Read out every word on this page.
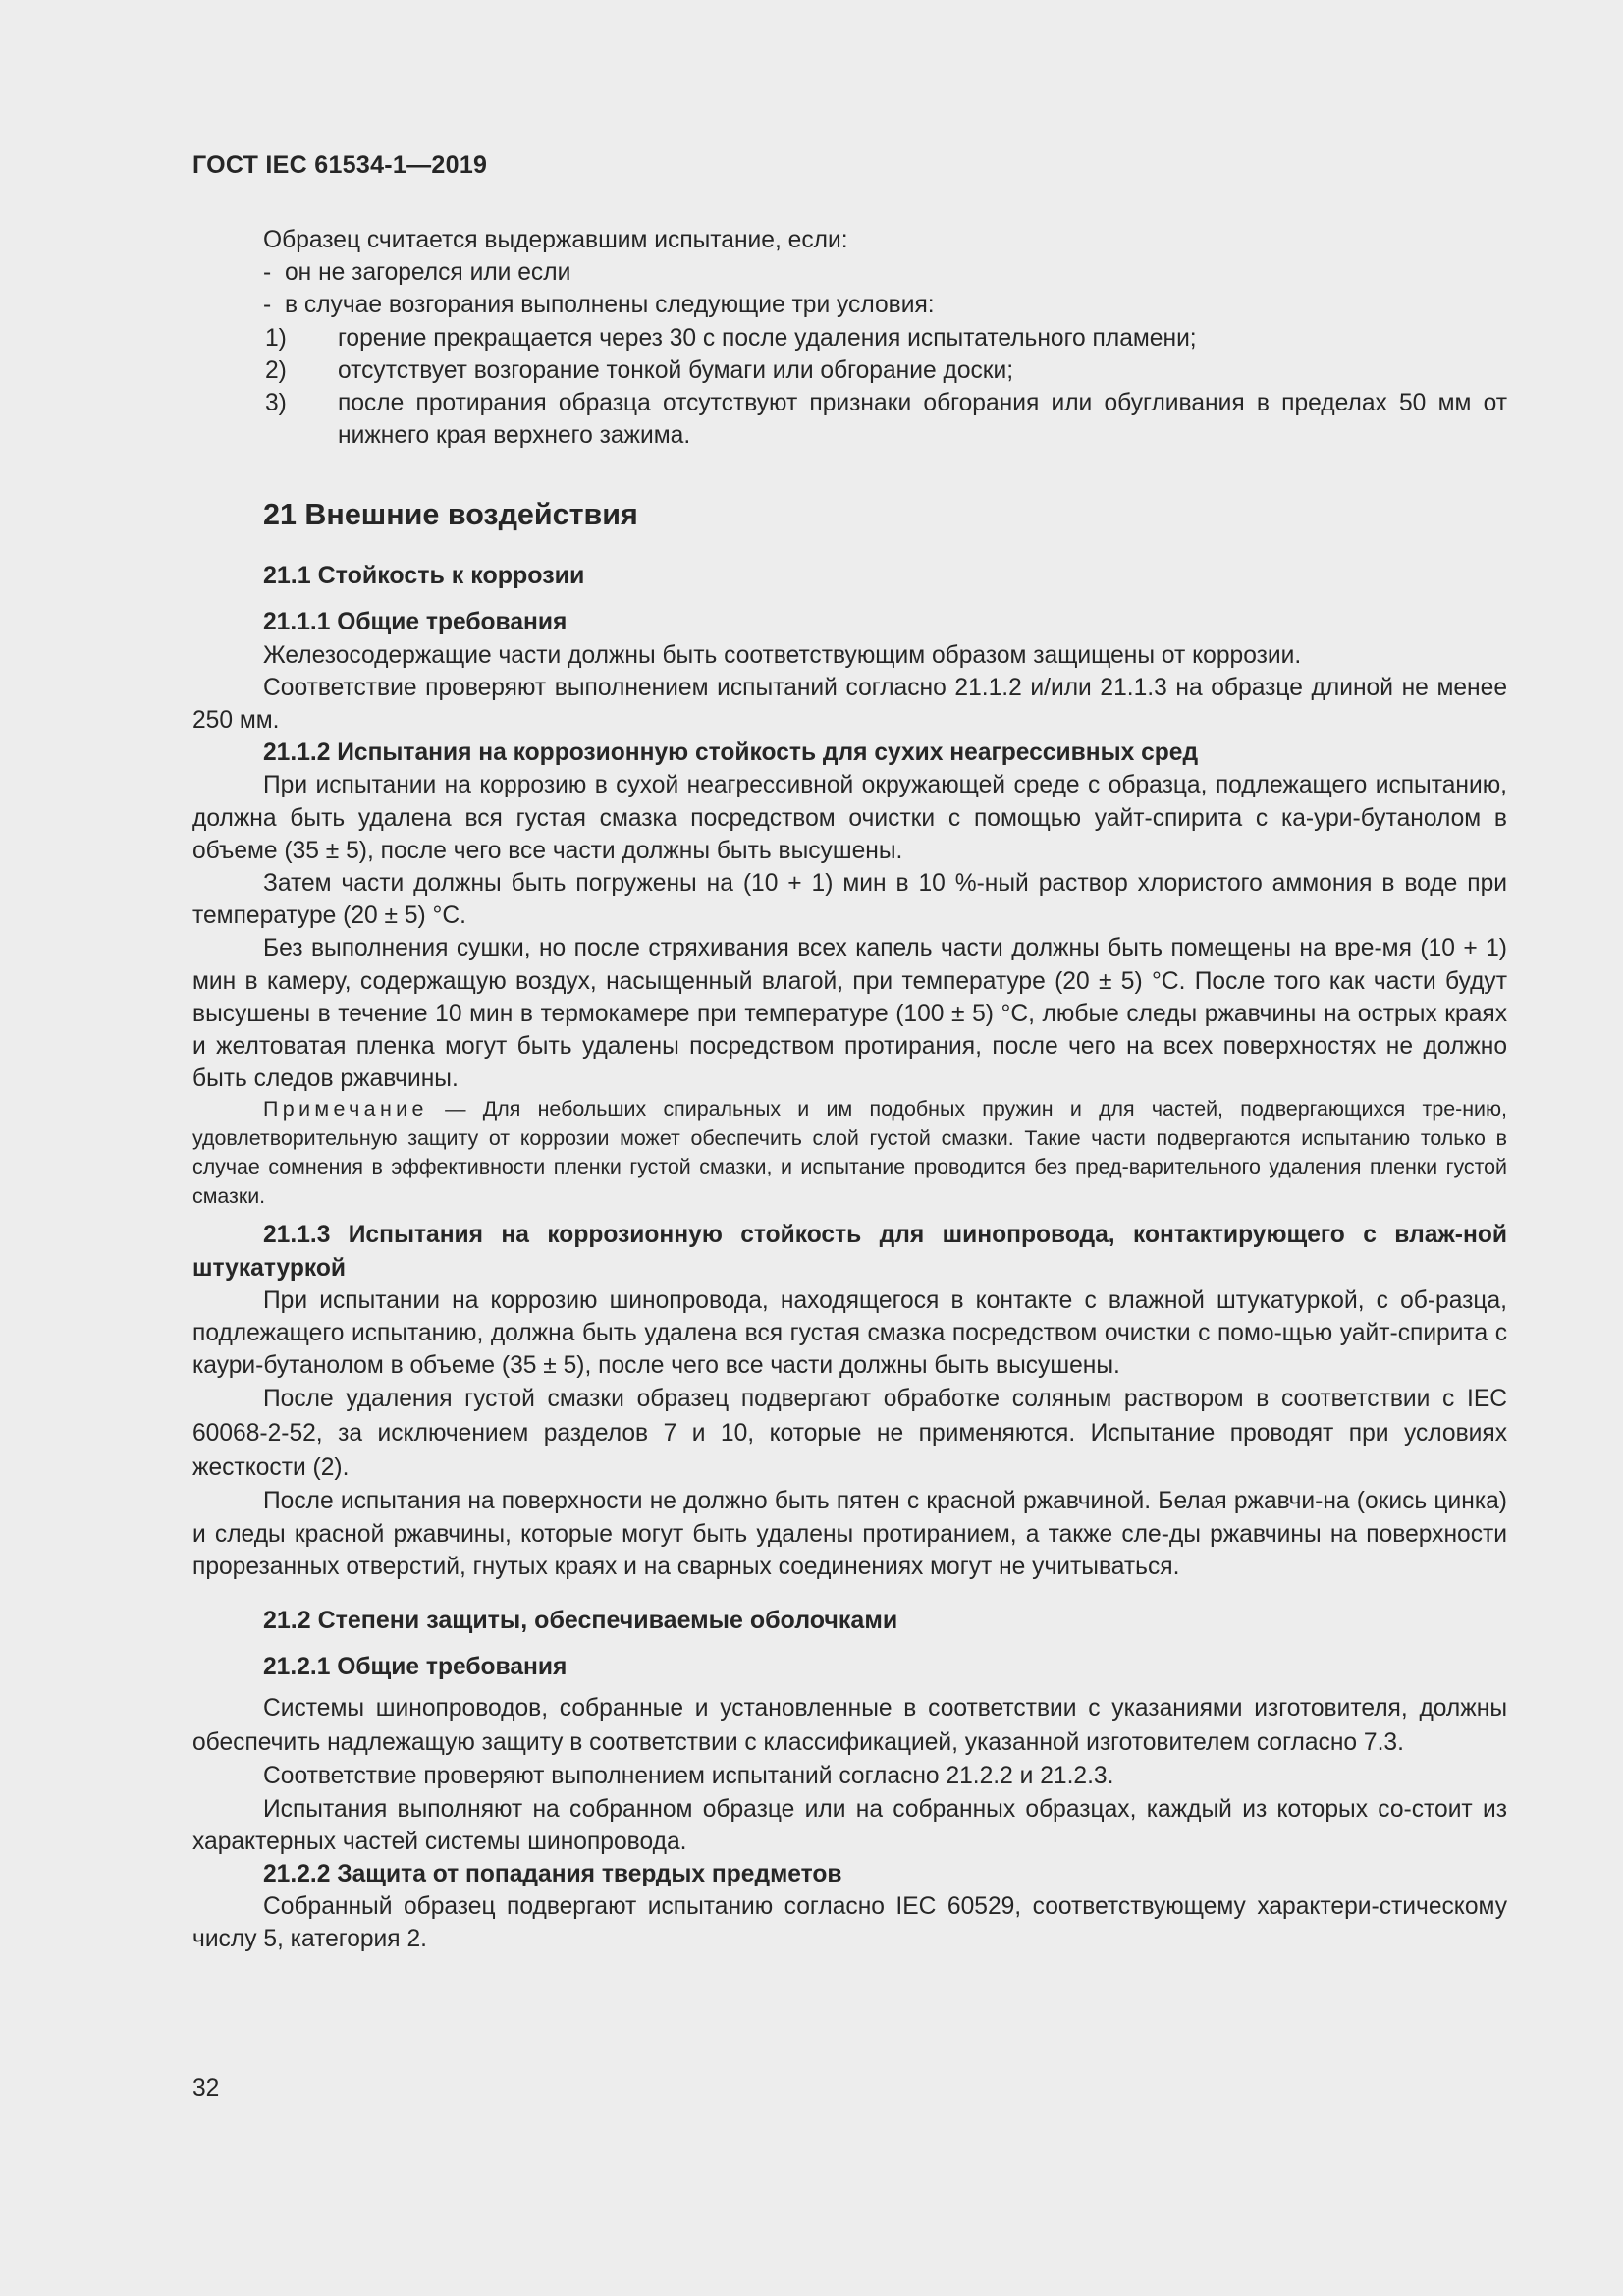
ГОСТ IEC 61534-1—2019

Образец считается выдержавшим испытание, если:

- он не загорелся или если

- в случае возгорания выполнены следующие три условия:

1) горение прекращается через 30 с после удаления испытательного пламени;

2) отсутствует возгорание тонкой бумаги или обгорание доски;

3) после протирания образца отсутствуют признаки обгорания или обугливания в пределах 50 мм от нижнего края верхнего зажима.

21 Внешние воздействия
21.1 Стойкость к коррозии

21.1.1 Общие требования

Железосодержащие части должны быть соответствующим образом защищены от коррозии.

Соответствие проверяют выполнением испытаний согласно 21.1.2 и/или 21.1.3 на образце длиной не менее 250 мм.

21.1.2 Испытания на коррозионную стойкость для сухих неагрессивных сред

При испытании на коррозию в сухой неагрессивной окружающей среде с образца, подлежащего испытанию, должна быть удалена вся густая смазка посредством очистки с помощью уайт-спирита с ка-ури-бутанолом в объеме (35 ± 5), после чего все части должны быть высушены.

Затем части должны быть погружены на (10 + 1) мин в 10 %-ный раствор хлористого аммония в воде при температуре (20 ± 5) °С.

Без выполнения сушки, но после стряхивания всех капель части должны быть помещены на вре-мя (10 + 1) мин в камеру, содержащую воздух, насыщенный влагой, при температуре (20 ± 5) °С. После того как части будут высушены в течение 10 мин в термокамере при температуре (100 ± 5) °С, любые следы ржавчины на острых краях и желтоватая пленка могут быть удалены посредством протирания, после чего на всех поверхностях не должно быть следов ржавчины.

Примечание — Для небольших спиральных и им подобных пружин и для частей, подвергающихся тре-нию, удовлетворительную защиту от коррозии может обеспечить слой густой смазки. Такие части подвергаются испытанию только в случае сомнения в эффективности пленки густой смазки, и испытание проводится без пред-варительного удаления пленки густой смазки.

21.1.3 Испытания на коррозионную стойкость для шинопровода, контактирующего с влаж-ной штукатуркой

При испытании на коррозию шинопровода, находящегося в контакте с влажной штукатуркой, с об-разца, подлежащего испытанию, должна быть удалена вся густая смазка посредством очистки с помо-щью уайт-спирита с каури-бутанолом в объеме (35 ± 5), после чего все части должны быть высушены.

После удаления густой смазки образец подвергают обработке соляным раствором в соответствии с IEC 60068-2-52, за исключением разделов 7 и 10, которые не применяются. Испытание проводят при условиях жесткости (2).

После испытания на поверхности не должно быть пятен с красной ржавчиной. Белая ржавчи-на (окись цинка) и следы красной ржавчины, которые могут быть удалены протиранием, а также сле-ды ржавчины на поверхности прорезанных отверстий, гнутых краях и на сварных соединениях могут не учитываться.

21.2 Степени защиты, обеспечиваемые оболочками

21.2.1 Общие требования

Системы шинопроводов, собранные и установленные в соответствии с указаниями изготовителя, должны обеспечить надлежащую защиту в соответствии с классификацией, указанной изготовителем согласно 7.3.

Соответствие проверяют выполнением испытаний согласно 21.2.2 и 21.2.3.

Испытания выполняют на собранном образце или на собранных образцах, каждый из которых со-стоит из характерных частей системы шинопровода.

21.2.2 Защита от попадания твердых предметов

Собранный образец подвергают испытанию согласно IEC 60529, соответствующему характери-стическому числу 5, категория 2.

32
